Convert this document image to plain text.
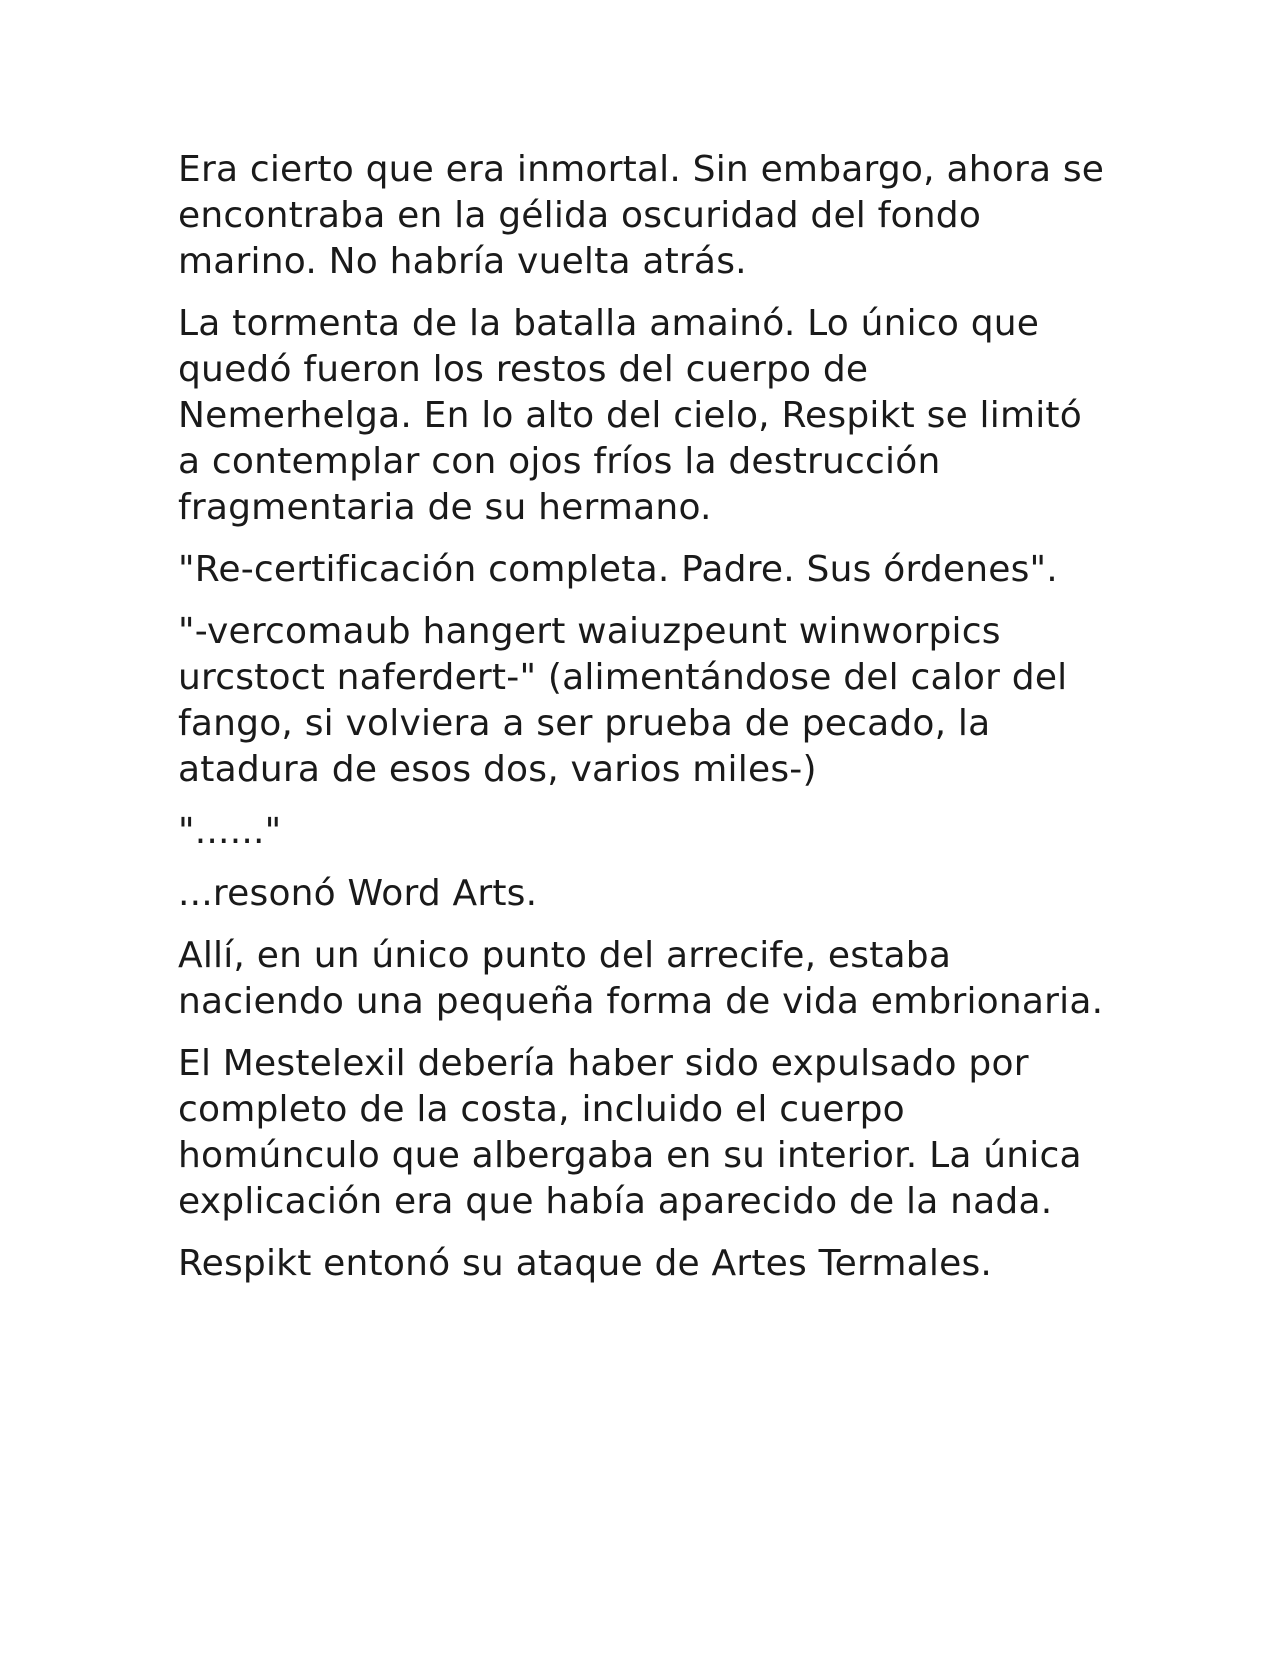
Era cierto que era inmortal. Sin embargo, ahora se encontraba en la gélida oscuridad del fondo marino. No habría vuelta atrás.

La tormenta de la batalla amainó. Lo único que quedó fueron los restos del cuerpo de Nemerhelga. En lo alto del cielo, Respikt se limitó a contemplar con ojos fríos la destrucción fragmentaria de su hermano.

"Re-certificación completa. Padre. Sus órdenes".

"-vercomaub hangert waiuzpeunt winworpics urcstoct naferdert-" (alimentándose del calor del fango, si volviera a ser prueba de pecado, la atadura de esos dos, varios miles-)

"......"

...resonó Word Arts.

Allí, en un único punto del arrecife, estaba naciendo una pequeña forma de vida embrionaria.

El Mestelexil debería haber sido expulsado por completo de la costa, incluido el cuerpo homúnculo que albergaba en su interior. La única explicación era que había aparecido de la nada.

Respikt entonó su ataque de Artes Termales.
